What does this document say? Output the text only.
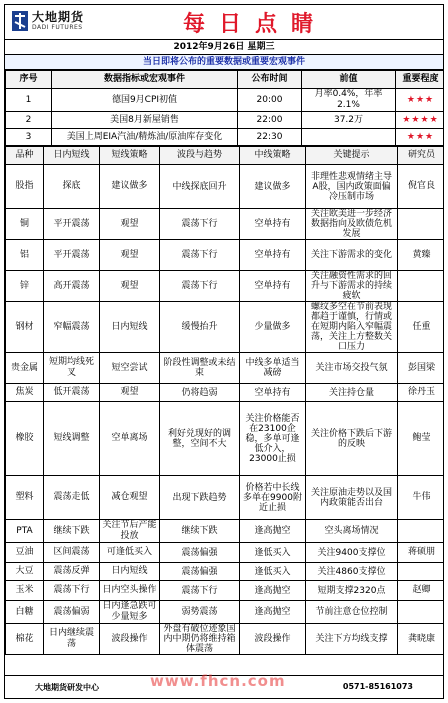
大地期货
DADI FUTURES	每日点睛
2012年9月26日 星期三
当日即将公布的重要数据或重要宏观事件
序号	数据指标或宏观事件	公布时间	前值	重要程度
1	德国9月CPI初值	20:00	月率0.4%，年率2.1%	★★★
2	美国8月新屋销售	22:00	37.2万	★★★★
3	美国上周EIA汽油/精炼油/原油库存变化	22:30		★★★
品种	日内短线	短线策略	波段与趋势	中线策略	关键提示	研究员
股指	探底	建议做多	中线探底回升	建议做多	非理性悲观情绪主导A股，国内政策面偏冷压制市场	倪官良
铜	平开震荡	观望	震荡下行	空单持有	关注欧美进一步经济数据指向及欧债危机发展	
铝	平开震荡	观望	震荡下行	空单持有	关注下游需求的变化	黄臻
锌	高开震荡	观望	震荡下行	空单持有	关注融资性需求的回升与下游需求的持续疲软	
钢材	窄幅震荡	日内短线	缓慢抬升	少量做多	螺纹多空在节前表现都趋于谨慎，行情或在短期内陷入窄幅震荡，关注上方整数关口压力	任重
贵金属	短期均线死叉	短空尝试	阶段性调整或未结束	中线多单适当减磅	关注市场交投气氛	彭国梁
焦炭	低开震荡	观望	仍将趋弱	空单持有	关注持仓量	徐丹玉
橡胶	短线调整	空单离场	利好兑现好的调整，空间不大	关注价格能否在23100企稳，多单可逢低介入，23000止损	关注价格下跌后下游的反映	鲍莹
塑料	震荡走低	减仓观望	出现下跌趋势	价格若中长线多单在9900附近止损	关注原油走势以及国内政策能否出台	牛伟
PTA	继续下跌	关注节后产能投放	继续下跌	逢高抛空	空头离场情况	
豆油	区间震荡	可逢低买入	震荡偏强	逢低买入	关注9400支撑位	蒋硕朋
大豆	震荡反弹	日内短线	震荡偏强	逢低买入	关注4860支撑位	
玉米	震荡下行	日内空头操作	震荡下行	逢高抛空	短期支撑2320点	赵卿
白糖	震荡偏弱	日内逢急跌可少量短多	弱势震荡	逢高抛空	节前注意仓位控制	
棉花	日内继续震荡	波段操作	外盘有破位迹象国内中期仍将维持箱体震荡	波段操作	关注下方均线支撑	龚晓康
大地期货研发中心	0571-85161073
www.fhcn.com
